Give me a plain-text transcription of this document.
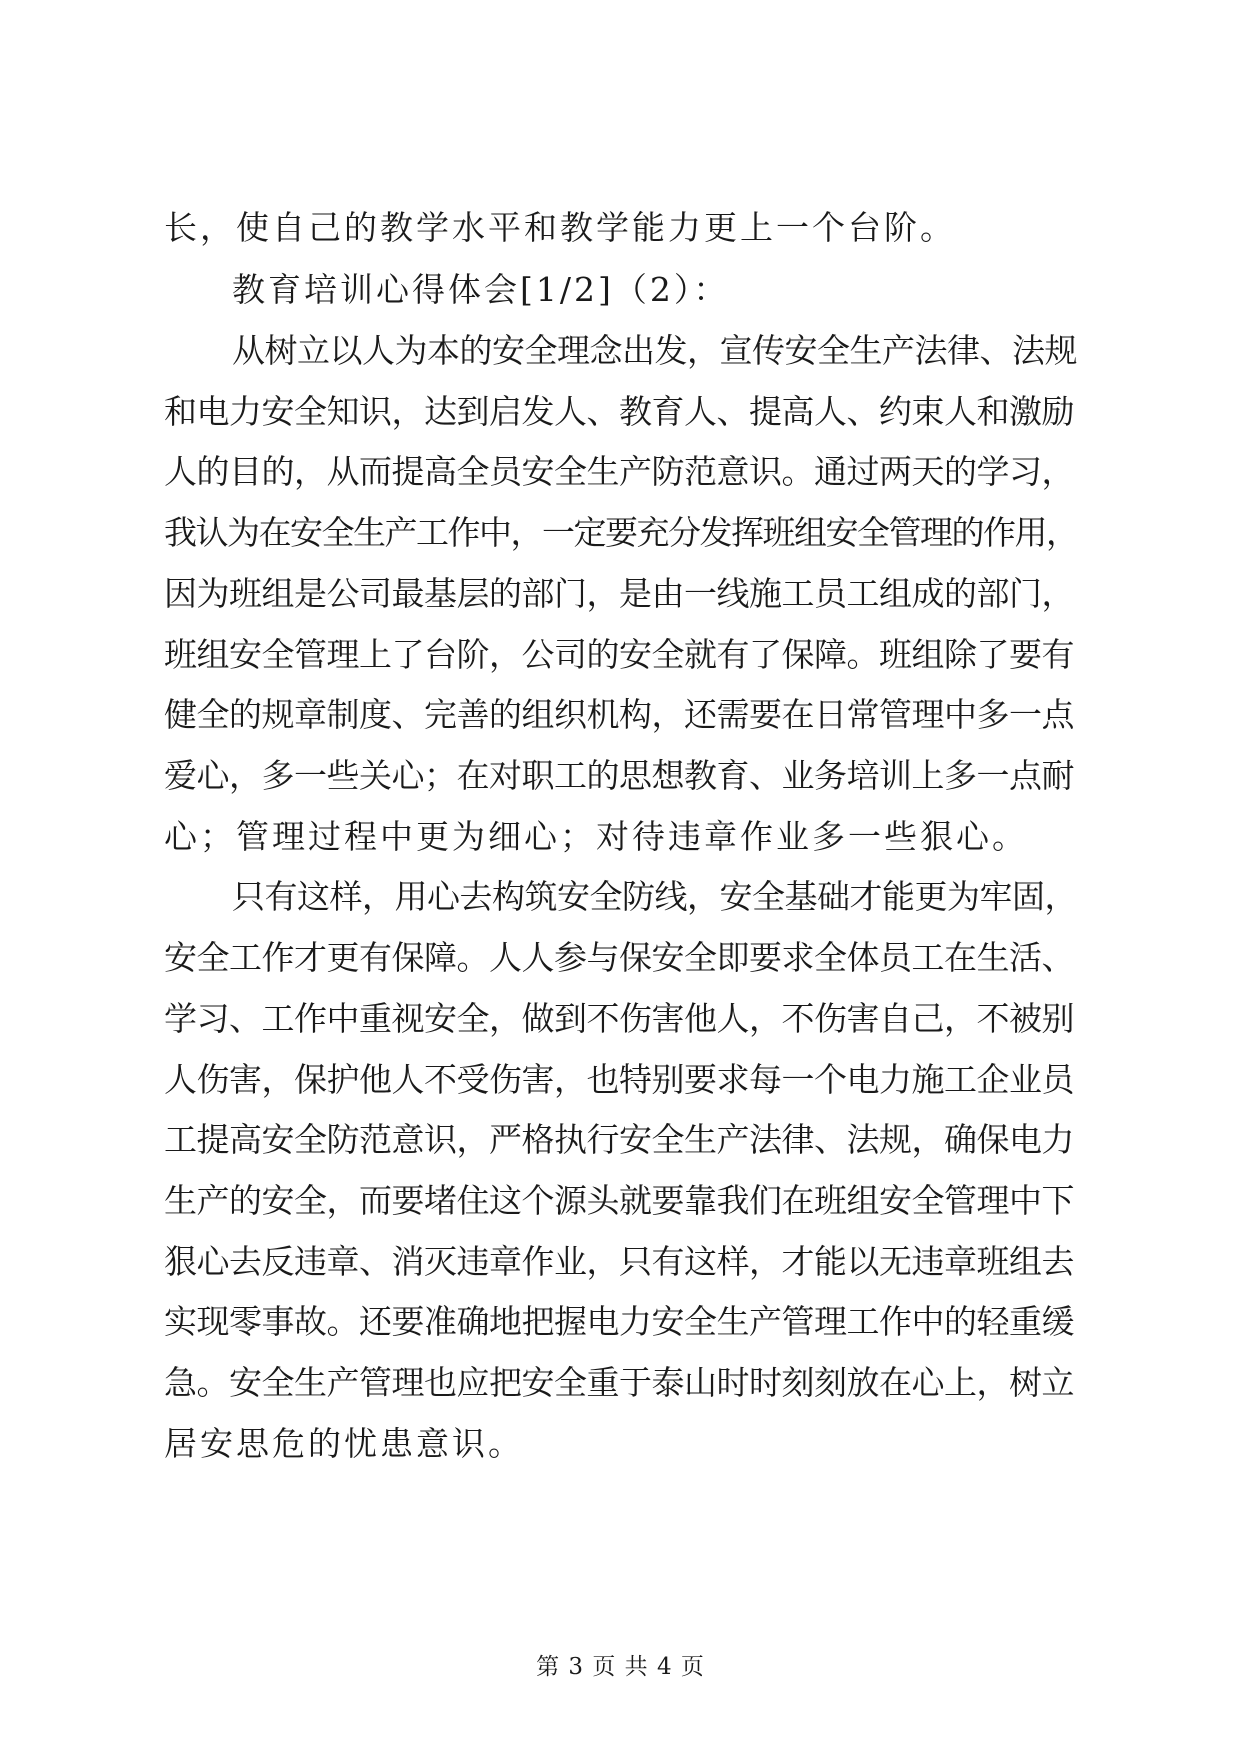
长，使自己的教学水平和教学能力更上一个台阶。

教育培训心得体会[1/2]（2）：

从树立以人为本的安全理念出发，宣传安全生产法律、法规

和电力安全知识，达到启发人、教育人、提高人、约束人和激励

人的目的，从而提高全员安全生产防范意识。通过两天的学习，

我认为在安全生产工作中，一定要充分发挥班组安全管理的作用，

因为班组是公司最基层的部门，是由一线施工员工组成的部门，

班组安全管理上了台阶，公司的安全就有了保障。班组除了要有

健全的规章制度、完善的组织机构，还需要在日常管理中多一点

爱心，多一些关心；在对职工的思想教育、业务培训上多一点耐

心；管理过程中更为细心；对待违章作业多一些狠心。

只有这样，用心去构筑安全防线，安全基础才能更为牢固，

安全工作才更有保障。人人参与保安全即要求全体员工在生活、

学习、工作中重视安全，做到不伤害他人，不伤害自己，不被别

人伤害，保护他人不受伤害，也特别要求每一个电力施工企业员

工提高安全防范意识，严格执行安全生产法律、法规，确保电力

生产的安全，而要堵住这个源头就要靠我们在班组安全管理中下

狠心去反违章、消灭违章作业，只有这样，才能以无违章班组去

实现零事故。还要准确地把握电力安全生产管理工作中的轻重缓

急。安全生产管理也应把安全重于泰山时时刻刻放在心上，树立

居安思危的忧患意识。

第 3 页 共 4 页
